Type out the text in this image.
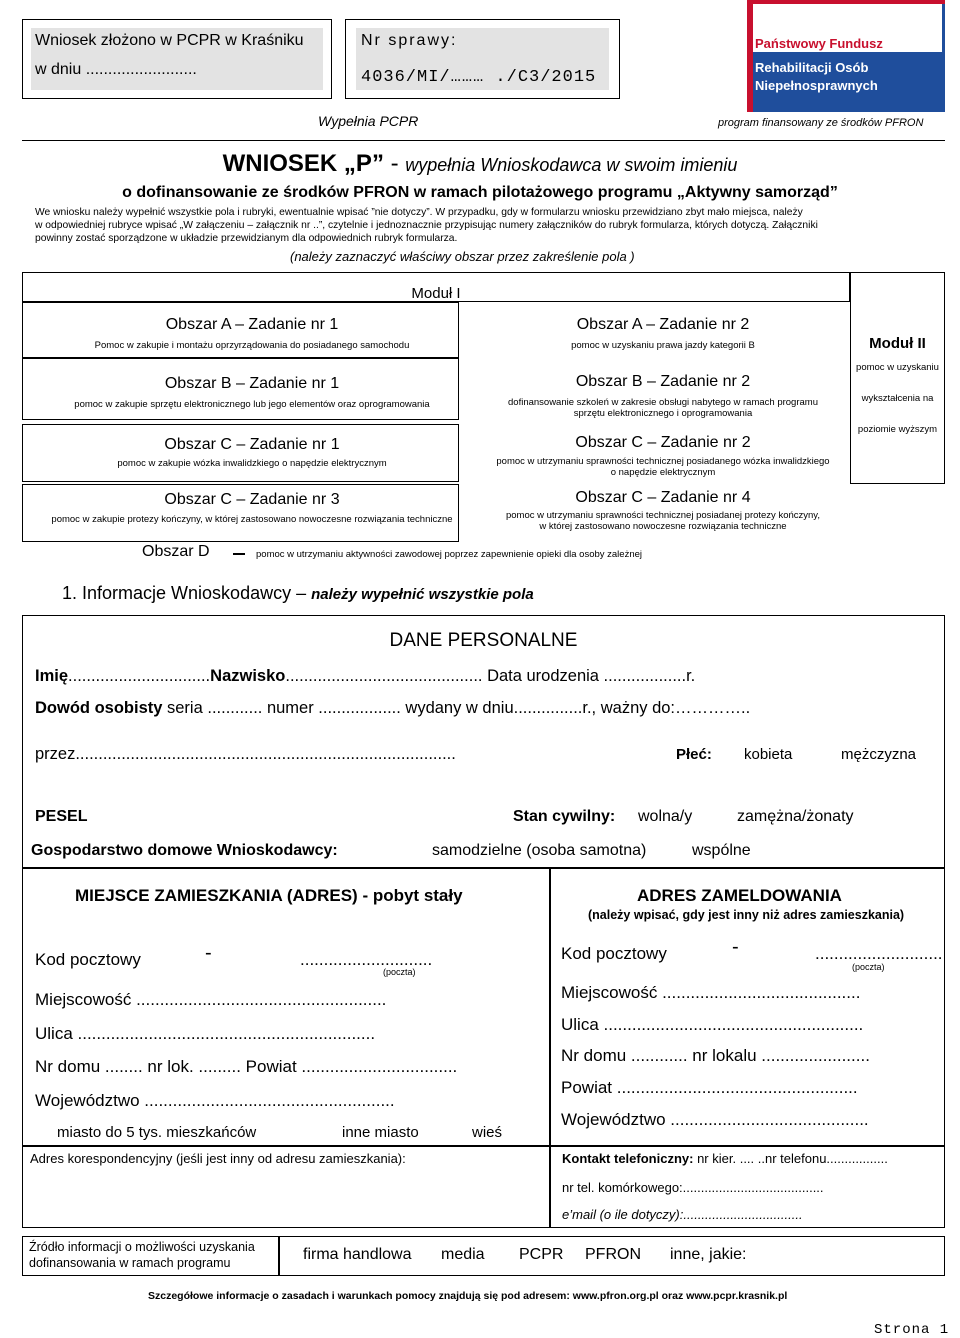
Wniosek złożono w PCPR w Kraśniku
w dniu .........................
Nr sprawy:
4036/MI/……… ./C3/2015
Państwowy Fundusz
Rehabilitacji Osób
Niepełnosprawnych
Wypełnia PCPR	program finansowany ze środków PFRON
WNIOSEK „P” - wypełnia Wnioskodawca w swoim imieniu
o dofinansowanie ze środków PFRON w ramach pilotażowego programu „Aktywny samorząd”
We wniosku należy wypełnić wszystkie pola i rubryki, ewentualnie wpisać ”nie dotyczy”. W przypadku, gdy w formularzu wniosku przewidziano zbyt mało miejsca, należy
w odpowiedniej rubryce wpisać „W załączeniu – załącznik nr ..”, czytelnie i jednoznacznie przypisując numery załączników do rubryk formularza, których dotyczą. Załączniki
powinny zostać sporządzone w układzie przewidzianym dla odpowiednich rubryk formularza.
(należy zaznaczyć właściwy obszar przez zakreślenie pola )
Moduł I
Moduł II
pomoc w uzyskaniu
wykształcenia na
poziomie wyższym
Obszar A – Zadanie nr 1
Pomoc w zakupie i montażu oprzyrządowania do posiadanego samochodu
Obszar A – Zadanie nr 2
pomoc w uzyskaniu prawa jazdy kategorii B
Obszar B – Zadanie nr 1
pomoc w zakupie sprzętu elektronicznego lub jego elementów oraz oprogramowania
Obszar B – Zadanie nr 2
dofinansowanie szkoleń w zakresie obsługi nabytego w ramach programu
sprzętu elektronicznego i oprogramowania
Obszar C – Zadanie nr 1
pomoc w zakupie wózka inwalidzkiego o napędzie elektrycznym
Obszar C – Zadanie nr 2
pomoc w utrzymaniu sprawności technicznej posiadanego wózka inwalidzkiego
o napędzie elektrycznym
Obszar C – Zadanie nr 3
pomoc w zakupie protezy kończyny, w której zastosowano nowoczesne rozwiązania techniczne
Obszar C – Zadanie nr 4
pomoc w utrzymaniu sprawności technicznej posiadanej protezy kończyny,
w której zastosowano nowoczesne rozwiązania techniczne
Obszar D	pomoc w utrzymaniu aktywności zawodowej poprzez zapewnienie opieki dla osoby zależnej
1. Informacje Wnioskodawcy – należy wypełnić wszystkie pola
DANE PERSONALNE
Imię...............................Nazwisko........................................... Data urodzenia ..................r.
Dowód osobisty seria ............ numer .................. wydany w dniu...............r., ważny do:…………..
przez...................................................................................	Płeć: kobieta	mężczyzna
PESEL	Stan cywilny: wolna/y	zamężna/żonaty
Gospodarstwo domowe Wnioskodawcy:	samodzielne (osoba samotna)	wspólne
MIEJSCE ZAMIESZKANIA (ADRES) - pobyt stały
Kod pocztowy	-	............................
(poczta)
Miejscowość .....................................................
Ulica ...............................................................
Nr domu ........ nr lok. ......... Powiat .................................
Województwo .....................................................
miasto do 5 tys. mieszkańców	inne miasto	wieś
ADRES ZAMELDOWANIA
(należy wpisać, gdy jest inny niż adres zamieszkania)
Kod pocztowy	-	...........................
(poczta)
Miejscowość ..........................................
Ulica .......................................................
Nr domu ............ nr lokalu .......................
Powiat ...................................................
Województwo ..........................................
Adres korespondencyjny (jeśli jest inny od adresu zamieszkania):	Kontakt telefoniczny: nr kier. .... ..nr telefonu.................
nr tel. komórkowego:.......................................
e’mail (o ile dotyczy):.................................
Źródło informacji o możliwości uzyskania
dofinansowania w ramach programu	firma handlowa media PCPR PFRON inne, jakie:
Szczegółowe informacje o zasadach i warunkach pomocy znajdują się pod adresem: www.pfron.org.pl oraz www.pcpr.krasnik.pl
Strona 1
